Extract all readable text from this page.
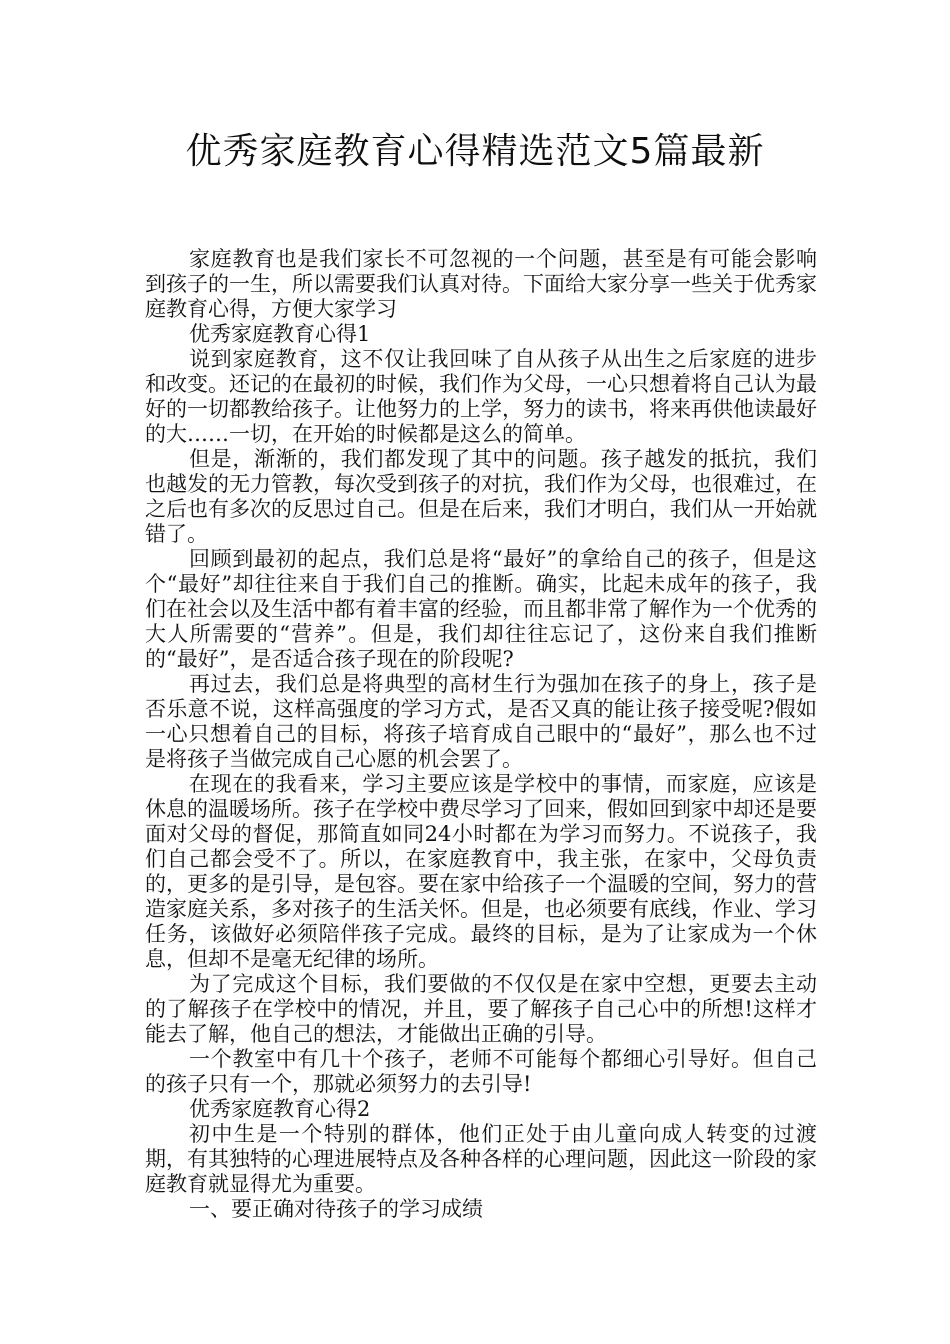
优秀家庭教育心得精选范文5篇最新

家庭教育也是我们家长不可忽视的一个问题，甚至是有可能会影响到孩子的一生，所以需要我们认真对待。下面给大家分享一些关于优秀家庭教育心得，方便大家学习

优秀家庭教育心得1

说到家庭教育，这不仅让我回味了自从孩子从出生之后家庭的进步和改变。还记的在最初的时候，我们作为父母，一心只想着将自己认为最好的一切都教给孩子。让他努力的上学，努力的读书，将来再供他读最好的大……一切，在开始的时候都是这么的简单。

但是，渐渐的，我们都发现了其中的问题。孩子越发的抵抗，我们也越发的无力管教，每次受到孩子的对抗，我们作为父母，也很难过，在之后也有多次的反思过自己。但是在后来，我们才明白，我们从一开始就错了。

回顾到最初的起点，我们总是将“最好”的拿给自己的孩子，但是这个“最好”却往往来自于我们自己的推断。确实，比起未成年的孩子，我们在社会以及生活中都有着丰富的经验，而且都非常了解作为一个优秀的大人所需要的“营养”。但是，我们却往往忘记了，这份来自我们推断的“最好”，是否适合孩子现在的阶段呢?

再过去，我们总是将典型的高材生行为强加在孩子的身上，孩子是否乐意不说，这样高强度的学习方式，是否又真的能让孩子接受呢?假如一心只想着自己的目标，将孩子培育成自己眼中的“最好”，那么也不过是将孩子当做完成自己心愿的机会罢了。

在现在的我看来，学习主要应该是学校中的事情，而家庭，应该是休息的温暖场所。孩子在学校中费尽学习了回来，假如回到家中却还是要面对父母的督促，那简直如同24小时都在为学习而努力。不说孩子，我们自己都会受不了。所以，在家庭教育中，我主张，在家中，父母负责的，更多的是引导，是包容。要在家中给孩子一个温暖的空间，努力的营造家庭关系，多对孩子的生活关怀。但是，也必须要有底线，作业、学习任务，该做好必须陪伴孩子完成。最终的目标，是为了让家成为一个休息，但却不是毫无纪律的场所。

为了完成这个目标，我们要做的不仅仅是在家中空想，更要去主动的了解孩子在学校中的情况，并且，要了解孩子自己心中的所想!这样才能去了解，他自己的想法，才能做出正确的引导。

一个教室中有几十个孩子，老师不可能每个都细心引导好。但自己的孩子只有一个，那就必须努力的去引导!

优秀家庭教育心得2

初中生是一个特别的群体，他们正处于由儿童向成人转变的过渡期，有其独特的心理进展特点及各种各样的心理问题，因此这一阶段的家庭教育就显得尤为重要。

一、要正确对待孩子的学习成绩
